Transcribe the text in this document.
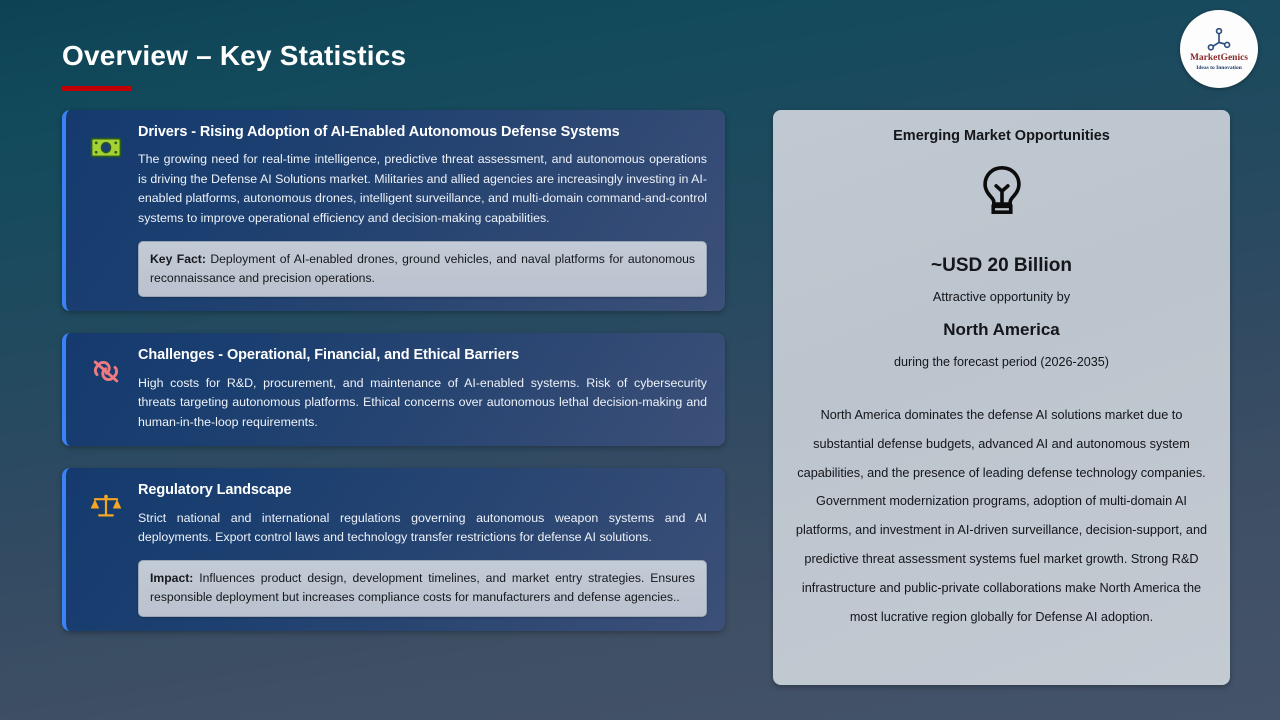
Overview – Key Statistics	MarketGenics
Ideas to Innovation
Drivers - Rising Adoption of AI-Enabled Autonomous Defense Systems
The growing need for real-time intelligence, predictive threat assessment, and autonomous operations is driving the Defense AI Solutions market. Militaries and allied agencies are increasingly investing in AI-enabled platforms, autonomous drones, intelligent surveillance, and multi-domain command-and-control systems to improve operational efficiency and decision-making capabilities.
Key Fact: Deployment of AI-enabled drones, ground vehicles, and naval platforms for autonomous reconnaissance and precision operations.
Challenges - Operational, Financial, and Ethical Barriers
High costs for R&D, procurement, and maintenance of AI-enabled systems. Risk of cybersecurity threats targeting autonomous platforms. Ethical concerns over autonomous lethal decision-making and human-in-the-loop requirements.
Regulatory Landscape
Strict national and international regulations governing autonomous weapon systems and AI deployments. Export control laws and technology transfer restrictions for defense AI solutions.
Impact: Influences product design, development timelines, and market entry strategies. Ensures responsible deployment but increases compliance costs for manufacturers and defense agencies..
Emerging Market Opportunities
~USD 20 Billion
Attractive opportunity by
North America
during the forecast period (2026-2035)
North America dominates the defense AI solutions market due to substantial defense budgets, advanced AI and autonomous system capabilities, and the presence of leading defense technology companies. Government modernization programs, adoption of multi-domain AI platforms, and investment in AI-driven surveillance, decision-support, and predictive threat assessment systems fuel market growth. Strong R&D infrastructure and public-private collaborations make North America the most lucrative region globally for Defense AI adoption.
